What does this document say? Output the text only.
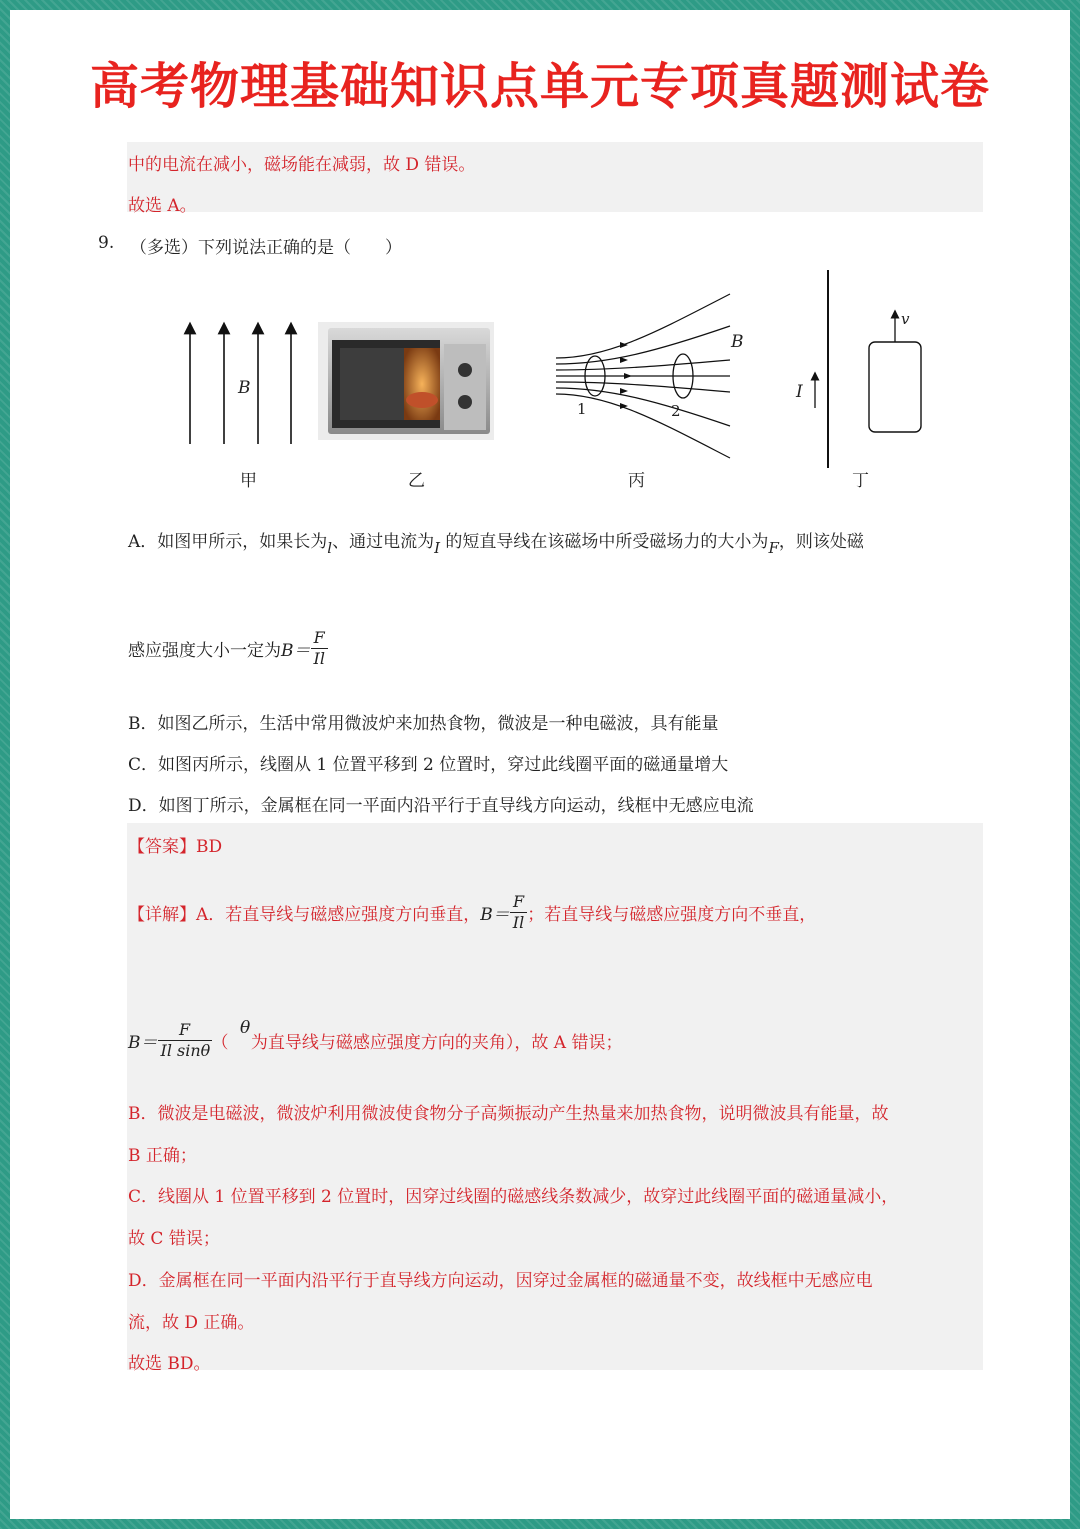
高考物理基础知识点单元专项真题测试卷
中的电流在减小，磁场能在减弱，故 D 错误。
故选 A。
9. （多选）下列说法正确的是（　　）
B
B
1	2
I
v
甲	乙	丙	丁
A．如图甲所示，如果长为l、通过电流为I 的短直导线在该磁场中所受磁场力的大小为F，则该处磁
感应强度大小一定为$B= \frac{F}{Il}$
B．如图乙所示，生活中常用微波炉来加热食物，微波是一种电磁波，具有能量
C．如图丙所示，线圈从 1 位置平移到 2 位置时，穿过此线圈平面的磁通量增大
D．如图丁所示，金属框在同一平面内沿平行于直导线方向运动，线框中无感应电流
【答案】BD
【详解】A．若直导线与磁感应强度方向垂直，$B= \frac{F}{Il}$ ；若直导线与磁感应强度方向不垂直，
$B= \frac{F}{\text{Il sinθ}}$ （　 为直导线与磁感应强度方向的夹角），故 A 错误；
θ
B．微波是电磁波，微波炉利用微波使食物分子高频振动产生热量来加热食物，说明微波具有能量，故
B 正确；
C．线圈从 1 位置平移到 2 位置时，因穿过线圈的磁感线条数减少，故穿过此线圈平面的磁通量减小，
故 C 错误；
D．金属框在同一平面内沿平行于直导线方向运动，因穿过金属框的磁通量不变，故线框中无感应电
流，故 D 正确。
故选 BD。
